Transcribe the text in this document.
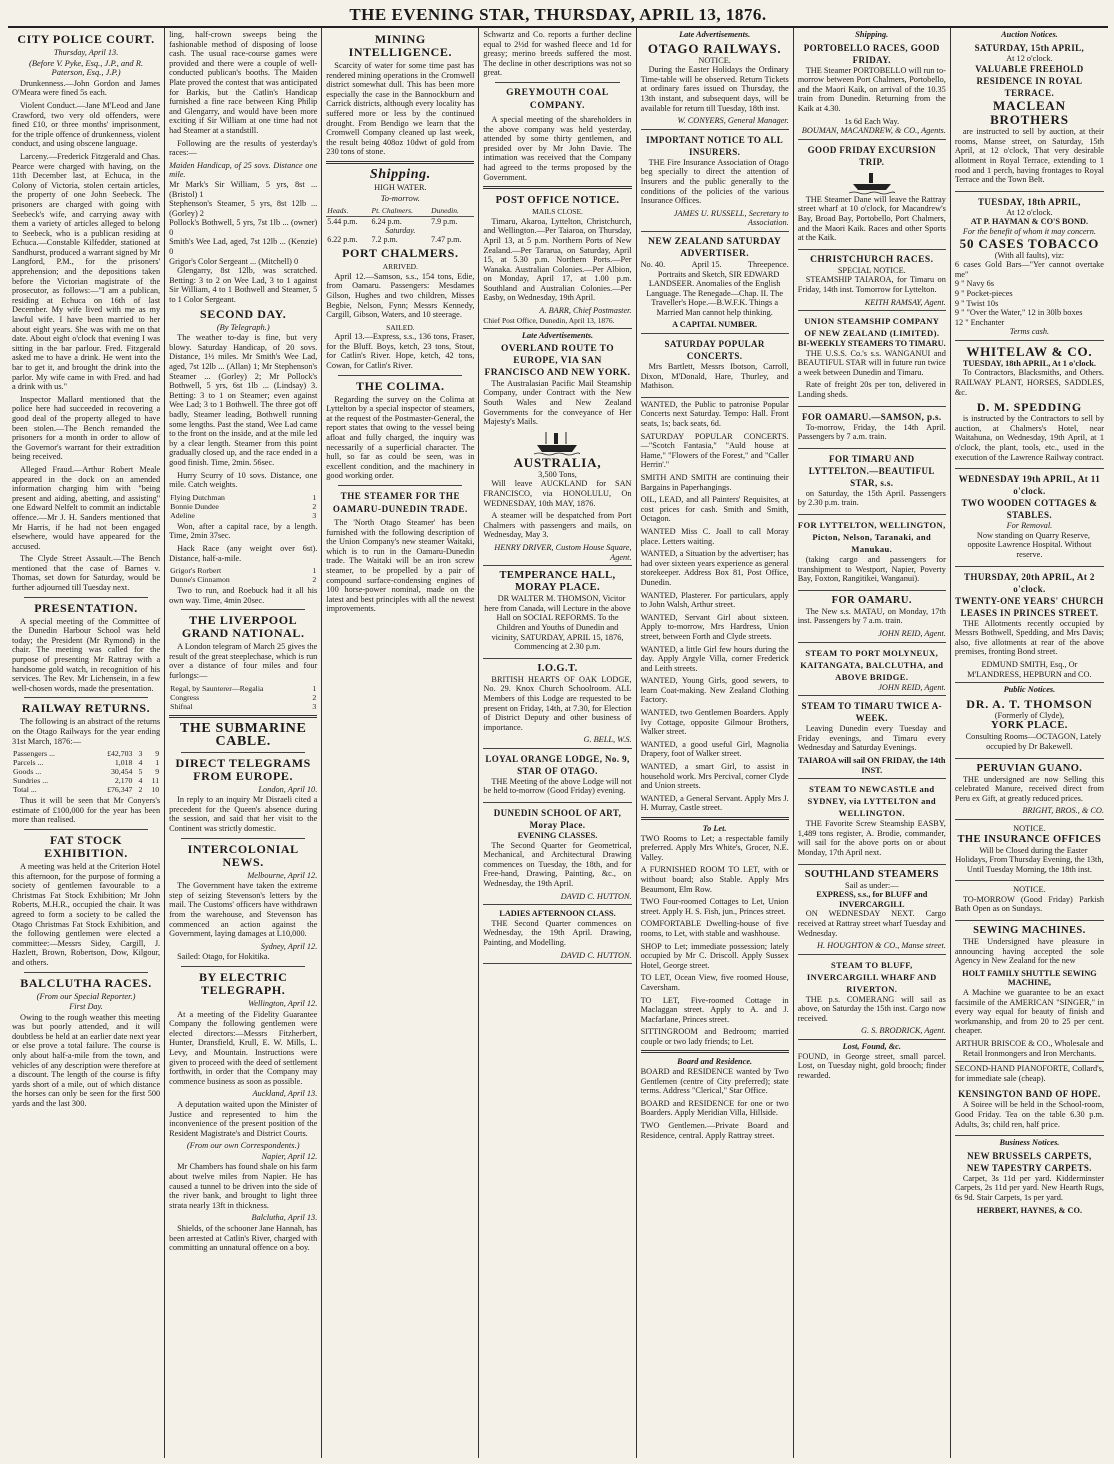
THE EVENING STAR, THURSDAY, APRIL 13, 1876.
CITY POLICE COURT.
Thursday, April 13.
(Before V. Pyke, Esq., J.P., and R. Paterson, Esq., J.P.)

Drunkenness.—John Gordon and James O'Meara were fined 5s each.

Violent Conduct.—Jane M'Leod and Jane Crawford, two very old offenders, were fined £10, or three months' imprisonment, for the triple offence of drunkenness, violent conduct, and using obscene language.

Larceny.—Frederick Fitzgerald and Chas. Pearce were charged with having, on the 11th December last, at Echuca, in the Colony of Victoria, stolen certain articles, the property of one John Seebeck. The prisoners are charged with going with Seebeck's wife, and carrying away with them a variety of articles alleged to belong to Seebeck, who is a publican residing at Echuca.—Constable Kilfedder, stationed at Sandhurst, produced a warrant signed by Mr Langford, P.M., for the prisoners' apprehension; and the depositions taken before the Victorian magistrate of the prosecutor, as follows:—"I am a publican, residing at Echuca on 16th of last December. My wife lived with me as my lawful wife. I have been married to her about eight years. She was with me on that date. About eight o'clock that evening I was sitting in the bar parlour. Fred. Fitzgerald asked me to have a drink. He went into the bar to get it, and brought the drink into the parlor. My wife came in with Fred. and had a drink with us."

Inspector Mallard mentioned that the police here had succeeded in recovering a good deal of the property alleged to have been stolen.—The Bench remanded the prisoners for a month in order to allow of the Governor's warrant for their extradition being received.

Alleged Fraud.—Arthur Robert Meale appeared in the dock on an amended information charging him with "being present and aiding, abetting, and assisting" one Edward Nelfelt to commit an indictable offence.—Mr J. H. Sanders mentioned that Mr Harris, if he had not been engaged elsewhere, would have appeared for the accused.

The Clyde Street Assault.—The Bench mentioned that the case of Barnes v. Thomas, set down for Saturday, would be further adjourned till Tuesday next.

PRESENTATION.

A special meeting of the Committee of the Dunedin Harbour School was held today; the President (Mr Rymond) in the chair. The meeting was called for the purpose of presenting Mr Rattray with a handsome gold watch, in recognition of his services. The Rev. Mr Lichensein, in a few well-chosen words, made the presentation.

RAILWAY RETURNS.

The following is an abstract of the returns on the Otago Railways for the year ending 31st March, 1876:—

Passengers ...	£42,703	3	9
Parcels ...	1,018	4	1
Goods ...	30,454	5	9
Sundries ...	2,170	4	11
Total ...	£76,347	2	10

Thus it will be seen that Mr Conyers's estimate of £100,000 for the year has been more than realised.

FAT STOCK EXHIBITION.

A meeting was held at the Criterion Hotel this afternoon, for the purpose of forming a society of gentlemen favourable to a Christmas Fat Stock Exhibition; Mr John Roberts, M.H.R., occupied the chair. It was agreed to form a society to be called the Otago Christmas Fat Stock Exhibition, and the following gentlemen were elected a committee:—Messrs Sidey, Cargill, J. Hazlett, Brown, Robertson, Dow, Kilgour, and others.

BALCLUTHA RACES.
(From our Special Reporter.)
First Day.

Owing to the rough weather this meeting was but poorly attended, and it will doubtless be held at an earlier date next year or else prove a total failure. The course is only about half-a-mile from the town, and vehicles of any description were therefore at a discount. The length of the course is fifty yards short of a mile, out of which distance the horses can only be seen for the first 500 yards and the last 300.

ling, half-crown sweeps being the fashionable method of disposing of loose cash. The usual race-course games were provided and there were a couple of well-conducted publican's booths. The Maiden Plate proved the contest that was anticipated for Barkis, but the Catlin's Handicap furnished a fine race between King Philip and Glengarry, and would have been more exciting if Sir William at one time had not had Steamer at a standstill.

Following are the results of yesterday's races:—

Maiden Handicap, of 25 sovs. Distance one mile.
Mr Mark's Sir William, 5 yrs, 8st ... (Bristol) 1
Stephenson's Steamer, 5 yrs, 8st 12lb ... (Gorley) 2
Pollock's Bothwell, 5 yrs, 7st 1lb ... (owner) 0
Smith's Wee Lad, aged, 7st 12lb ... (Kenzie) 0
Grigor's Color Sergeant ... (Mitchell) 0

Glengarry, 8st 12lb, was scratched. Betting: 3 to 2 on Wee Lad, 3 to 1 against Sir William, 4 to 1 Bothwell and Steamer, 5 to 1 Color Sergeant.

SECOND DAY.
(By Telegraph.)

The weather to-day is fine, but very blowy. Saturday Handicap, of 20 sovs. Distance, 1½ miles. Mr Smith's Wee Lad, aged, 7st 12lb ... (Allan) 1; Mr Stephenson's Steamer ... (Gorley) 2; Mr Pollock's Bothwell, 5 yrs, 6st 1lb ... (Lindsay) 3. Betting: 3 to 1 on Steamer; even against Wee Lad; 3 to 1 Bothwell. The three got off badly, Steamer leading, Bothwell running some lengths. Past the stand, Wee Lad came to the front on the inside, and at the mile led by a clear length. Steamer from this point gradually closed up, and the race ended in a good finish. Time, 2min. 56sec.

Hurry Scurry of 10 sovs. Distance, one mile. Catch weights.

Flying Dutchman	1
Bonnie Dundee	2
Adeline	3

Won, after a capital race, by a length. Time, 2min 37sec.

Hack Race (any weight over 6st). Distance, half-a-mile.

Grigor's Rorbert	1
Dunne's Cinnamon	2

Two to run, and Roebuck had it all his own way. Time, 4min 20sec.

THE LIVERPOOL GRAND NATIONAL.

A London telegram of March 25 gives the result of the great steeplechase, which is run over a distance of four miles and four furlongs:—

Regal, by Saunterer—Regalia	1
Congress	2
Shifnal	3
THE SUBMARINE CABLE.
DIRECT TELEGRAMS FROM EUROPE.
London, April 10.

In reply to an inquiry Mr Disraeli cited a precedent for the Queen's absence during the session, and said that her visit to the Continent was strictly domestic.

INTERCOLONIAL NEWS.
Melbourne, April 12.

The Government have taken the extreme step of seizing Stevenson's letters by the mail. The Customs' officers have withdrawn from the warehouse, and Stevenson has commenced an action against the Government, laying damages at L10,000.

Sydney, April 12.

Sailed: Otago, for Hokitika.

BY ELECTRIC TELEGRAPH.
Wellington, April 12.

At a meeting of the Fidelity Guarantee Company the following gentlemen were elected directors:—Messrs Fitzherbert, Hunter, Dransfield, Krull, E. W. Mills, L. Levy, and Mountain. Instructions were given to proceed with the deed of settlement forthwith, in order that the Company may commence business as soon as possible.

Auckland, April 13.

A deputation waited upon the Minister of Justice and represented to him the inconvenience of the present position of the Resident Magistrate's and District Courts.

(From our own Correspondents.)
Napier, April 12.

Mr Chambers has found shale on his farm about twelve miles from Napier. He has caused a tunnel to be driven into the side of the river bank, and brought to light three strata nearly 13ft in thickness.

Balclutha, April 13.

Shields, of the schooner Jane Hannah, has been arrested at Catlin's River, charged with committing an unnatural offence on a boy.

MINING INTELLIGENCE.

Scarcity of water for some time past has rendered mining operations in the Cromwell district somewhat dull. This has been more especially the case in the Bannockburn and Carrick districts, although every locality has suffered more or less by the continued drought. From Bendigo we learn that the Cromwell Company cleaned up last week, the result being 408oz 10dwt of gold from 230 tons of stone.

Shipping.
HIGH WATER.
To-morrow.
Heads.	Pt. Chalmers.	Dunedin.
5.44 p.m.	6.24 p.m.	7.9 p.m.
Saturday.		
6.22 p.m.	7.2 p.m.	7.47 p.m.
PORT CHALMERS.
ARRIVED.

April 12.—Samson, s.s., 154 tons, Edie, from Oamaru. Passengers: Mesdames Gilson, Hughes and two children, Misses Begbie, Nelson, Fynn; Messrs Kennedy, Cargill, Gibson, Waters, and 10 steerage.

SAILED.

April 13.—Express, s.s., 136 tons, Fraser, for the Bluff. Boys, ketch, 23 tons, Stout, for Catlin's River. Hope, ketch, 42 tons, Cowan, for Catlin's River.

THE COLIMA.

Regarding the survey on the Colima at Lyttelton by a special inspector of steamers, at the request of the Postmaster-General, the report states that owing to the vessel being afloat and fully charged, the inquiry was necessarily of a superficial character. The hull, so far as could be seen, was in excellent condition, and the machinery in good working order.

THE STEAMER FOR THE OAMARU-DUNEDIN TRADE.

The 'North Otago Steamer' has been furnished with the following description of the Union Company's new steamer Waitaki, which is to run in the Oamaru-Dunedin trade. The Waitaki will be an iron screw steamer, to be propelled by a pair of compound surface-condensing engines of 100 horse-power nominal, made on the latest and best principles with all the newest improvements.

Schwartz and Co. reports a further decline equal to 2½d for washed fleece and 1d for greasy; merino breeds suffered the most. The decline in other descriptions was not so great.

GREYMOUTH COAL COMPANY.

A special meeting of the shareholders in the above company was held yesterday, attended by some thirty gentlemen, and presided over by Mr John Davie. The intimation was received that the Company had agreed to the terms proposed by the Government.

POST OFFICE NOTICE.
MAILS CLOSE.

Timaru, Akaroa, Lyttelton, Christchurch, and Wellington.—Per Taiaroa, on Thursday, April 13, at 5 p.m. Northern Ports of New Zealand.—Per Tararua, on Saturday, April 15, at 5.30 p.m. Northern Ports.—Per Wanaka. Australian Colonies.—Per Albion, on Monday, April 17, at 1.00 p.m. Southland and Australian Colonies.—Per Easby, on Wednesday, 19th April.

A. BARR, Chief Postmaster.
Chief Post Office, Dunedin, April 13, 1876.
Late Advertisements.
OVERLAND ROUTE TO EUROPE, VIA SAN FRANCISCO AND NEW YORK.

The Australasian Pacific Mail Steamship Company, under Contract with the New South Wales and New Zealand Governments for the conveyance of Her Majesty's Mails.

AUSTRALIA,
3,500 Tons,

Will leave AUCKLAND for SAN FRANCISCO, via HONOLULU, On WEDNESDAY, 10th MAY, 1876.

A steamer will be despatched from Port Chalmers with passengers and mails, on Wednesday, May 3.

HENRY DRIVER, Custom House Square, Agent.
TEMPERANCE HALL, MORAY PLACE.

DR WALTER M. THOMSON, Vicitor here from Canada, will Lecture in the above Hall on SOCIAL REFORMS. To the Children and Youths of Dunedin and vicinity, SATURDAY, APRIL 15, 1876, Commencing at 2.30 p.m.

I.O.G.T.

BRITISH HEARTS OF OAK LODGE, No. 29. Knox Church Schoolroom. ALL Members of this Lodge are requested to be present on Friday, 14th, at 7.30, for Election of District Deputy and other business of importance.

G. BELL, W.S.
LOYAL ORANGE LODGE, No. 9, STAR OF OTAGO.

THE Meeting of the above Lodge will not be held to-morrow (Good Friday) evening.

DUNEDIN SCHOOL OF ART, Moray Place.
EVENING CLASSES.

The Second Quarter for Geometrical, Mechanical, and Architectural Drawing commences on Tuesday, the 18th, and for Free-hand, Drawing, Painting, &c., on Wednesday, the 19th April.

DAVID C. HUTTON.
LADIES AFTERNOON CLASS.

THE Second Quarter commences on Wednesday, the 19th April. Drawing, Painting, and Modelling.

DAVID C. HUTTON.
Late Advertisements.
OTAGO RAILWAYS.
NOTICE.

During the Easter Holidays the Ordinary Time-table will be observed. Return Tickets at ordinary fares issued on Thursday, the 13th instant, and subsequent days, will be available for return till Tuesday, 18th inst.

W. CONYERS, General Manager.
IMPORTANT NOTICE TO ALL INSURERS.

THE Fire Insurance Association of Otago beg specially to direct the attention of Insurers and the public generally to the conditions of the policies of the various Insurance Offices.

JAMES U. RUSSELL, Secretary to Association.
NEW ZEALAND SATURDAY ADVERTISER.
No. 40.	April 15.	Threepence.

Portraits and Sketch, SIR EDWARD LANDSEER. Anomalies of the English Language. The Renegade—Chap. II. The Traveller's Hope.—B.W.F.K. Things a Married Man cannot help thinking.

A CAPITAL NUMBER.
SATURDAY POPULAR CONCERTS.

Mrs Bartlett, Messrs Ibotson, Carroll, Dixon, M'Donald, Hare, Thurley, and Mathison.

WANTED, the Public to patronise Popular Concerts next Saturday. Tempo: Hall. Front seats, 1s; back seats, 6d.

SATURDAY POPULAR CONCERTS.—"Scotch Fantasia," "Auld house at Hame," "Flowers of the Forest," and "Caller Herrin'."

SMITH AND SMITH are continuing their Bargains in Paperhangings.

OIL, LEAD, and all Painters' Requisites, at cost prices for cash. Smith and Smith, Octagon.

WANTED Miss C. Joall to call Moray place. Letters waiting.

WANTED, a Situation by the advertiser; has had over sixteen years experience as general storekeeper. Address Box 81, Post Office, Dunedin.

WANTED, Plasterer. For particulars, apply to John Walsh, Arthur street.

WANTED, Servant Girl about sixteen. Apply to-morrow, Mrs Hardress, Union street, between Forth and Clyde streets.

WANTED, a little Girl few hours during the day. Apply Argyle Villa, corner Frederick and Leith streets.

WANTED, Young Girls, good sewers, to learn Coat-making. New Zealand Clothing Factory.

WANTED, two Gentlemen Boarders. Apply Ivy Cottage, opposite Gilmour Brothers, Walker street.

WANTED, a good useful Girl, Magnolia Drapery, foot of Walker street.

WANTED, a smart Girl, to assist in household work. Mrs Percival, corner Clyde and Union streets.

WANTED, a General Servant. Apply Mrs J. H. Murray, Castle street.

To Let.

TWO Rooms to Let; a respectable family preferred. Apply Mrs White's, Grocer, N.E. Valley.

A FURNISHED ROOM TO LET, with or without board; also Stable. Apply Mrs Beaumont, Elm Row.

TWO Four-roomed Cottages to Let, Union street. Apply H. S. Fish, jun., Princes street.

COMFORTABLE Dwelling-house of five rooms, to Let, with stable and washhouse.

SHOP to Let; immediate possession; lately occupied by Mr C. Driscoll. Apply Sussex Hotel, George street.

TO LET, Ocean View, five roomed House, Caversham.

TO LET, Five-roomed Cottage in Maclaggan street. Apply to A. and J. Macfarlane, Princes street.

SITTINGROOM and Bedroom; married couple or two lady friends; to Let.

Board and Residence.

BOARD and RESIDENCE wanted by Two Gentlemen (centre of City preferred); state terms. Address "Clerical," Star Office.

BOARD and RESIDENCE for one or two Boarders. Apply Meridian Villa, Hillside.

TWO Gentlemen.—Private Board and Residence, central. Apply Rattray street.

Shipping.
PORTOBELLO RACES, GOOD FRIDAY.

THE Steamer PORTOBELLO will run to-morrow between Port Chalmers, Portobello, and the Maori Kaik, on arrival of the 10.35 train from Dunedin. Returning from the Kaik at 4.30.

1s 6d Each Way.
BOUMAN, MACANDREW, & CO., Agents.
GOOD FRIDAY EXCURSION TRIP.

THE Steamer Dane will leave the Rattray street wharf at 10 o'clock, for Macandrew's Bay, Broad Bay, Portobello, Port Chalmers, and the Maori Kaik. Races and other Sports at the Kaik.

CHRISTCHURCH RACES.
SPECIAL NOTICE.

STEAMSHIP TAIAROA, for Timaru on Friday, 14th inst. Tomorrow for Lyttelton.

KEITH RAMSAY, Agent.
UNION STEAMSHIP COMPANY OF NEW ZEALAND (LIMITED).
BI-WEEKLY STEAMERS TO TIMARU.

THE U.S.S. Co.'s s.s. WANGANUI and BEAUTIFUL STAR will in future run twice a week between Dunedin and Timaru.

Rate of freight 20s per ton, delivered in Landing sheds.

FOR OAMARU.—SAMSON, p.s.

To-morrow, Friday, the 14th April. Passengers by 7 a.m. train.

FOR TIMARU AND LYTTELTON.—BEAUTIFUL STAR, s.s.

on Saturday, the 15th April. Passengers by 2.30 p.m. train.

FOR LYTTELTON, WELLINGTON, Picton, Nelson, Taranaki, and Manukau.

(taking cargo and passengers for transhipment to Westport, Napier, Poverty Bay, Foxton, Rangitikei, Wanganui).

FOR OAMARU.

The New s.s. MATAU, on Monday, 17th inst. Passengers by 7 a.m. train.

JOHN REID, Agent.
STEAM TO PORT MOLYNEUX, KAITANGATA, BALCLUTHA, and ABOVE BRIDGE.
JOHN REID, Agent.
STEAM TO TIMARU TWICE A-WEEK.

Leaving Dunedin every Tuesday and Friday evenings, and Timaru every Wednesday and Saturday Evenings.

TAIAROA will sail ON FRIDAY, the 14th INST.
STEAM TO NEWCASTLE and SYDNEY, via LYTTELTON and WELLINGTON.

THE Favorite Screw Steamship EASBY, 1,489 tons register, A. Brodie, commander, will sail for the above ports on or about Monday, 17th April next.

SOUTHLAND STEAMERS
Sail as under:—
EXPRESS, s.s., for BLUFF and INVERCARGILL

ON WEDNESDAY NEXT. Cargo received at Rattray street wharf Tuesday and Wednesday.

H. HOUGHTON & CO., Manse street.
STEAM TO BLUFF, INVERCARGILL WHARF AND RIVERTON.

THE p.s. COMERANG will sail as above, on Saturday the 15th inst. Cargo now received.

G. S. BRODRICK, Agent.
Lost, Found, &c.

FOUND, in George street, small parcel. Lost, on Tuesday night, gold brooch; finder rewarded.

Auction Notices.
SATURDAY, 15th APRIL,
At 12 o'clock.
VALUABLE FREEHOLD RESIDENCE IN ROYAL TERRACE.
MACLEAN BROTHERS

are instructed to sell by auction, at their rooms, Manse street, on Saturday, 15th April, at 12 o'clock, That very desirable allotment in Royal Terrace, extending to 1 rood and 1 perch, having frontages to Royal Terrace and the Town Belt.

TUESDAY, 18th APRIL,
At 12 o'clock.
AT P. HAYMAN & CO'S BOND.
For the benefit of whom it may concern.
50 CASES TOBACCO
(With all faults), viz:
6 cases Gold Bars—"Yer cannot overtake me"
9 " Navy 6s
9 " Pocket-pieces
9 " Twist 10s
9 " "Over the Water," 12 in 30lb boxes
12 " Enchanter
Terms cash.
WHITELAW & CO.
TUESDAY, 18th APRIL, At 1 o'clock.

To Contractors, Blacksmiths, and Others. RAILWAY PLANT, HORSES, SADDLES, &c.

D. M. SPEDDING

is instructed by the Contractors to sell by auction, at Chalmers's Hotel, near Waitahuna, on Wednesday, 19th April, at 1 o'clock, the plant, tools, etc., used in the execution of the Lawrence Railway contract.

WEDNESDAY 19th APRIL, At 11 o'clock.
TWO WOODEN COTTAGES & STABLES.
For Removal.

Now standing on Quarry Reserve, opposite Lawrence Hospital. Without reserve.

THURSDAY, 20th APRIL, At 2 o'clock.
TWENTY-ONE YEARS' CHURCH LEASES IN PRINCES STREET.

THE Allotments recently occupied by Messrs Bothwell, Spedding, and Mrs Davis; also, five allotments at rear of the above premises, fronting Bond street.

EDMUND SMITH, Esq., Or M'LANDRESS, HEPBURN and CO.
Public Notices.
DR. A. T. THOMSON
(Formerly of Clyde),
YORK PLACE.

Consulting Rooms—OCTAGON, Lately occupied by Dr Bakewell.

PERUVIAN GUANO.

THE undersigned are now Selling this celebrated Manure, received direct from Peru ex Gift, at greatly reduced prices.

BRIGHT, BROS., & CO.
NOTICE.
THE INSURANCE OFFICES

Will be Closed during the Easter Holidays, From Thursday Evening, the 13th, Until Tuesday Morning, the 18th inst.

NOTICE.

TO-MORROW (Good Friday) Parkish Bath Open as on Sundays.

SEWING MACHINES.

THE Undersigned have pleasure in announcing having accepted the sole Agency in New Zealand for the new

HOLT FAMILY SHUTTLE SEWING MACHINE,

A Machine we guarantee to be an exact facsimile of the AMERICAN "SINGER," in every way equal for beauty of finish and workmanship, and from 20 to 25 per cent. cheaper.

ARTHUR BRISCOE & CO., Wholesale and Retail Ironmongers and Iron Merchants.

SECOND-HAND PIANOFORTE, Collard's, for immediate sale (cheap).

KENSINGTON BAND OF HOPE.

A Soiree will be held in the School-room, Good Friday. Tea on the table 6.30 p.m. Adults, 3s; child ren, half price.

Business Notices.
NEW BRUSSELS CARPETS, NEW TAPESTRY CARPETS.

Carpet, 3s 11d per yard. Kidderminster Carpets, 2s 11d per yard. New Hearth Rugs, 6s 9d. Stair Carpets, 1s per yard.

HERBERT, HAYNES, & CO.
